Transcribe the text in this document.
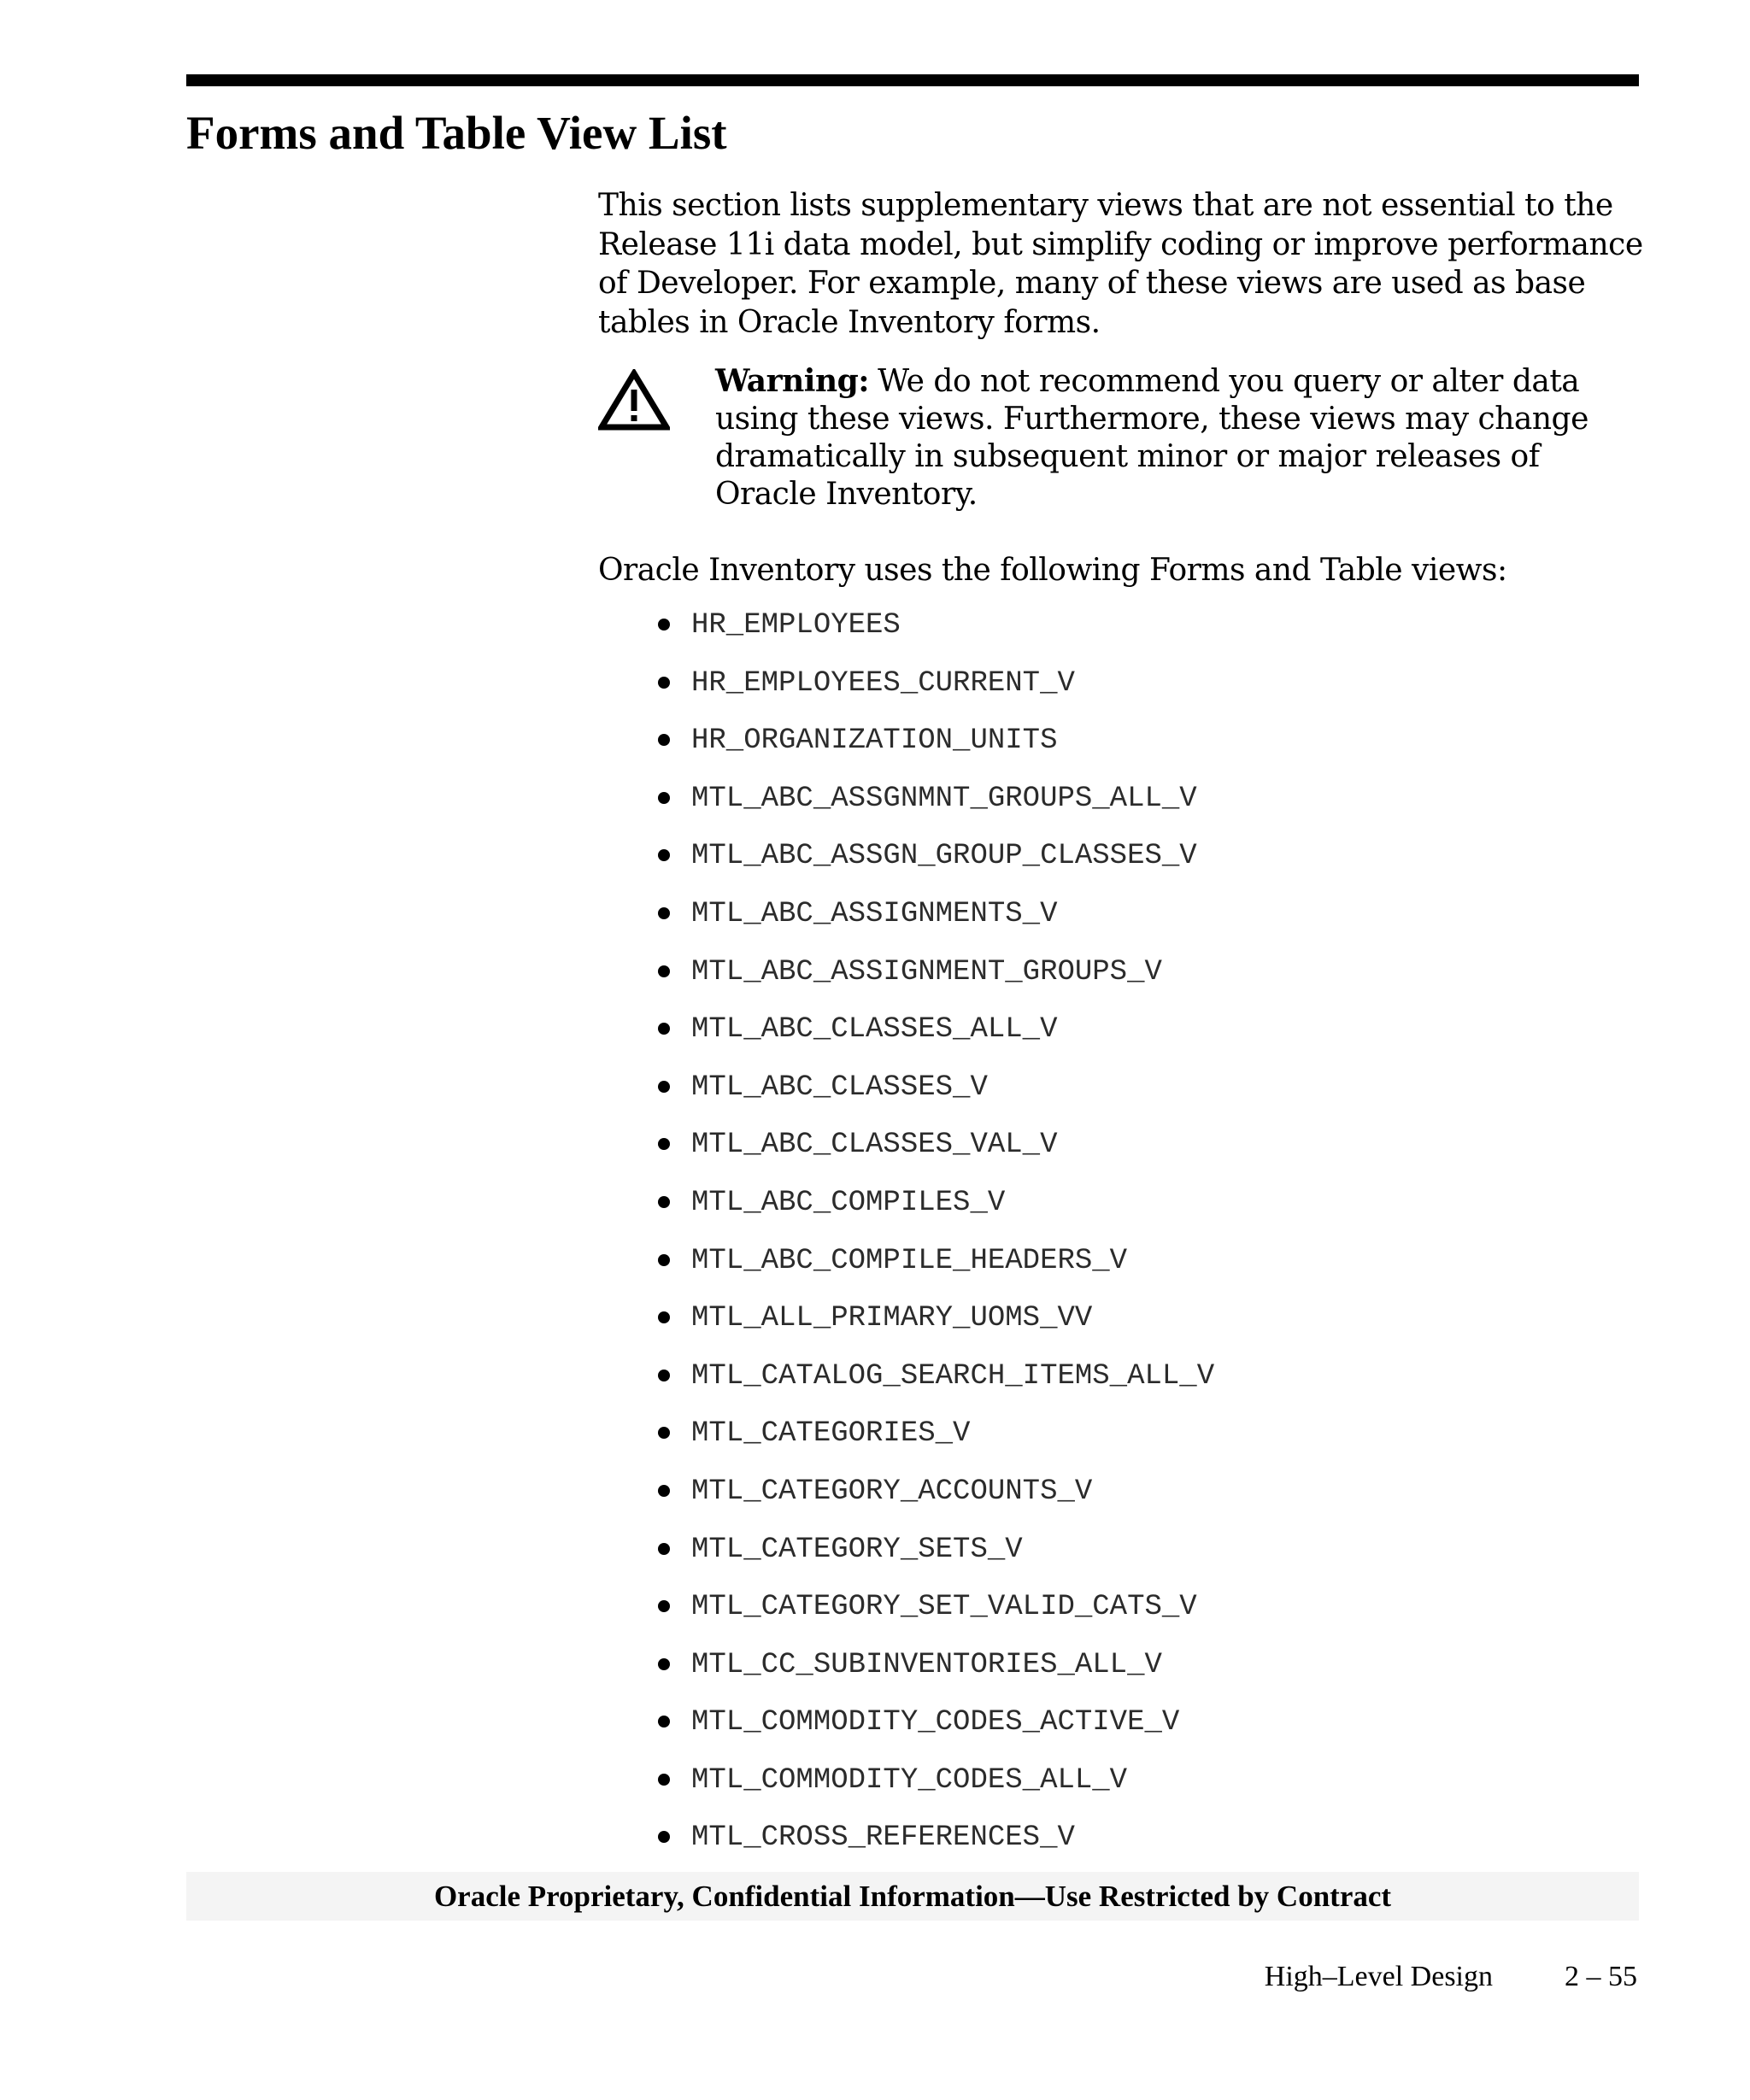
Forms and Table View List

This section lists supplementary views that are not essential to the Release 11i data model, but simplify coding or improve performance of Developer. For example, many of these views are used as base tables in Oracle Inventory forms.

Warning: We do not recommend you query or alter data using these views. Furthermore, these views may change dramatically in subsequent minor or major releases of Oracle Inventory.

Oracle Inventory uses the following Forms and Table views:

HR_EMPLOYEES
HR_EMPLOYEES_CURRENT_V
HR_ORGANIZATION_UNITS
MTL_ABC_ASSGNMNT_GROUPS_ALL_V
MTL_ABC_ASSGN_GROUP_CLASSES_V
MTL_ABC_ASSIGNMENTS_V
MTL_ABC_ASSIGNMENT_GROUPS_V
MTL_ABC_CLASSES_ALL_V
MTL_ABC_CLASSES_V
MTL_ABC_CLASSES_VAL_V
MTL_ABC_COMPILES_V
MTL_ABC_COMPILE_HEADERS_V
MTL_ALL_PRIMARY_UOMS_VV
MTL_CATALOG_SEARCH_ITEMS_ALL_V
MTL_CATEGORIES_V
MTL_CATEGORY_ACCOUNTS_V
MTL_CATEGORY_SETS_V
MTL_CATEGORY_SET_VALID_CATS_V
MTL_CC_SUBINVENTORIES_ALL_V
MTL_COMMODITY_CODES_ACTIVE_V
MTL_COMMODITY_CODES_ALL_V
MTL_CROSS_REFERENCES_V
Oracle Proprietary, Confidential Information––Use Restricted by Contract
High–Level Design 2 – 55
